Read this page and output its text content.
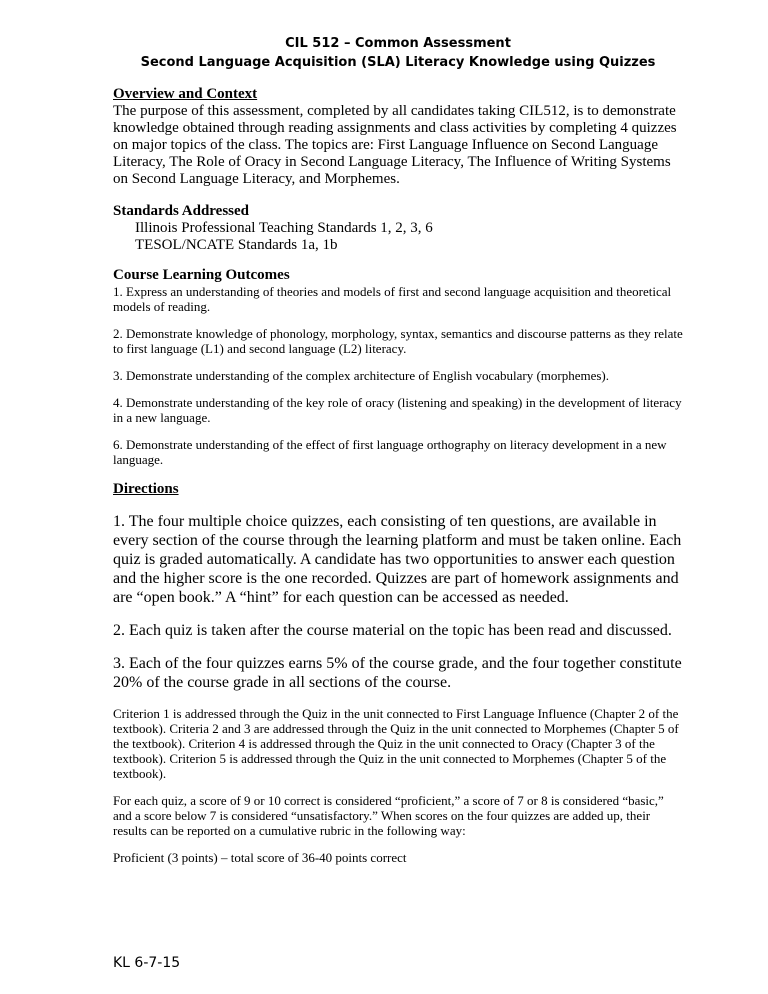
CIL 512 – Common Assessment

Second Language Acquisition (SLA) Literacy Knowledge using Quizzes

Overview and Context

The purpose of this assessment, completed by all candidates taking CIL512, is to demonstrate knowledge obtained through reading assignments and class activities by completing 4 quizzes on major topics of the class. The topics are: First Language Influence on Second Language Literacy, The Role of Oracy in Second Language Literacy, The Influence of Writing Systems on Second Language Literacy, and Morphemes.

Standards Addressed

Illinois Professional Teaching Standards 1, 2, 3, 6

TESOL/NCATE Standards 1a, 1b

Course Learning Outcomes

1. Express an understanding of theories and models of first and second language acquisition and theoretical models of reading.

2. Demonstrate knowledge of phonology, morphology, syntax, semantics and discourse patterns as they relate to first language (L1) and second language (L2) literacy.

3. Demonstrate understanding of the complex architecture of English vocabulary (morphemes).

4. Demonstrate understanding of the key role of oracy (listening and speaking) in the development of literacy in a new language.

6. Demonstrate understanding of the effect of first language orthography on literacy development in a new language.

Directions

1. The four multiple choice quizzes, each consisting of ten questions, are available in every section of the course through the learning platform and must be taken online. Each quiz is graded automatically. A candidate has two opportunities to answer each question and the higher score is the one recorded. Quizzes are part of homework assignments and are “open book.” A “hint” for each question can be accessed as needed.

2. Each quiz is taken after the course material on the topic has been read and discussed.

3. Each of the four quizzes earns 5% of the course grade, and the four together constitute 20% of the course grade in all sections of the course.

Criterion 1 is addressed through the Quiz in the unit connected to First Language Influence (Chapter 2 of the textbook). Criteria 2 and 3 are addressed through the Quiz in the unit connected to Morphemes (Chapter 5 of the textbook). Criterion 4 is addressed through the Quiz in the unit connected to Oracy (Chapter 3 of the textbook). Criterion 5 is addressed through the Quiz in the unit connected to Morphemes (Chapter 5 of the textbook).

For each quiz, a score of 9 or 10 correct is considered “proficient,” a score of 7 or 8 is considered “basic,” and a score below 7 is considered “unsatisfactory.” When scores on the four quizzes are added up, their results can be reported on a cumulative rubric in the following way:

Proficient (3 points) – total score of 36-40 points correct

KL 6-7-15
